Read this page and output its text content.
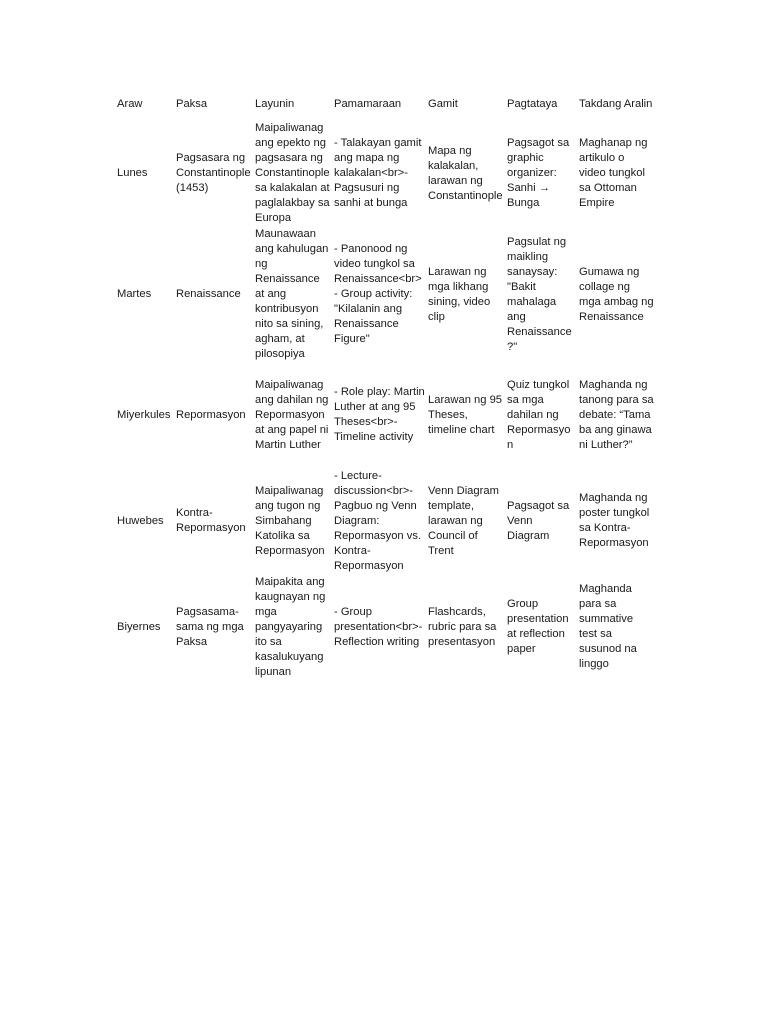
Araw	Paksa	Layunin	Pamamaraan	Gamit	Pagtataya	Takdang Aralin
Lunes	Pagsasara ng Constantinople (1453)	Maipaliwanag ang epekto ng pagsasara ng Constantinople sa kalakalan at paglalakbay sa Europa	- Talakayan gamit ang mapa ng kalakalan<br>- Pagsusuri ng sanhi at bunga	Mapa ng kalakalan, larawan ng Constantinople	Pagsagot sa graphic organizer: Sanhi → Bunga	Maghanap ng artikulo o video tungkol sa Ottoman Empire
Martes	Renaissance	Maunawaan ang kahulugan ng Renaissance at ang kontribusyon nito sa sining, agham, at pilosopiya	- Panonood ng video tungkol sa Renaissance<br>- Group activity: "Kilalanin ang Renaissance Figure"	Larawan ng mga likhang sining, video clip	Pagsulat ng maikling sanaysay: "Bakit mahalaga ang Renaissance?"	Gumawa ng collage ng mga ambag ng Renaissance
Miyerkules	Repormasyon	Maipaliwanag ang dahilan ng Repormasyon at ang papel ni Martin Luther	- Role play: Martin Luther at ang 95 Theses<br>- Timeline activity	Larawan ng 95 Theses, timeline chart	Quiz tungkol sa mga dahilan ng Repormasyon	Maghanda ng tanong para sa debate: “Tama ba ang ginawa ni Luther?”
Huwebes	Kontra-Repormasyon	Maipaliwanag ang tugon ng Simbahang Katolika sa Repormasyon	- Lecture-discussion<br>- Pagbuo ng Venn Diagram: Repormasyon vs. Kontra-Repormasyon	Venn Diagram template, larawan ng Council of Trent	Pagsagot sa Venn Diagram	Maghanda ng poster tungkol sa Kontra-Repormasyon
Biyernes	Pagsasama-sama ng mga Paksa	Maipakita ang kaugnayan ng mga pangyayaring ito sa kasalukuyang lipunan	- Group presentation<br>- Reflection writing	Flashcards, rubric para sa presentasyon	Group presentation at reflection paper	Maghanda para sa summative test sa susunod na linggo
